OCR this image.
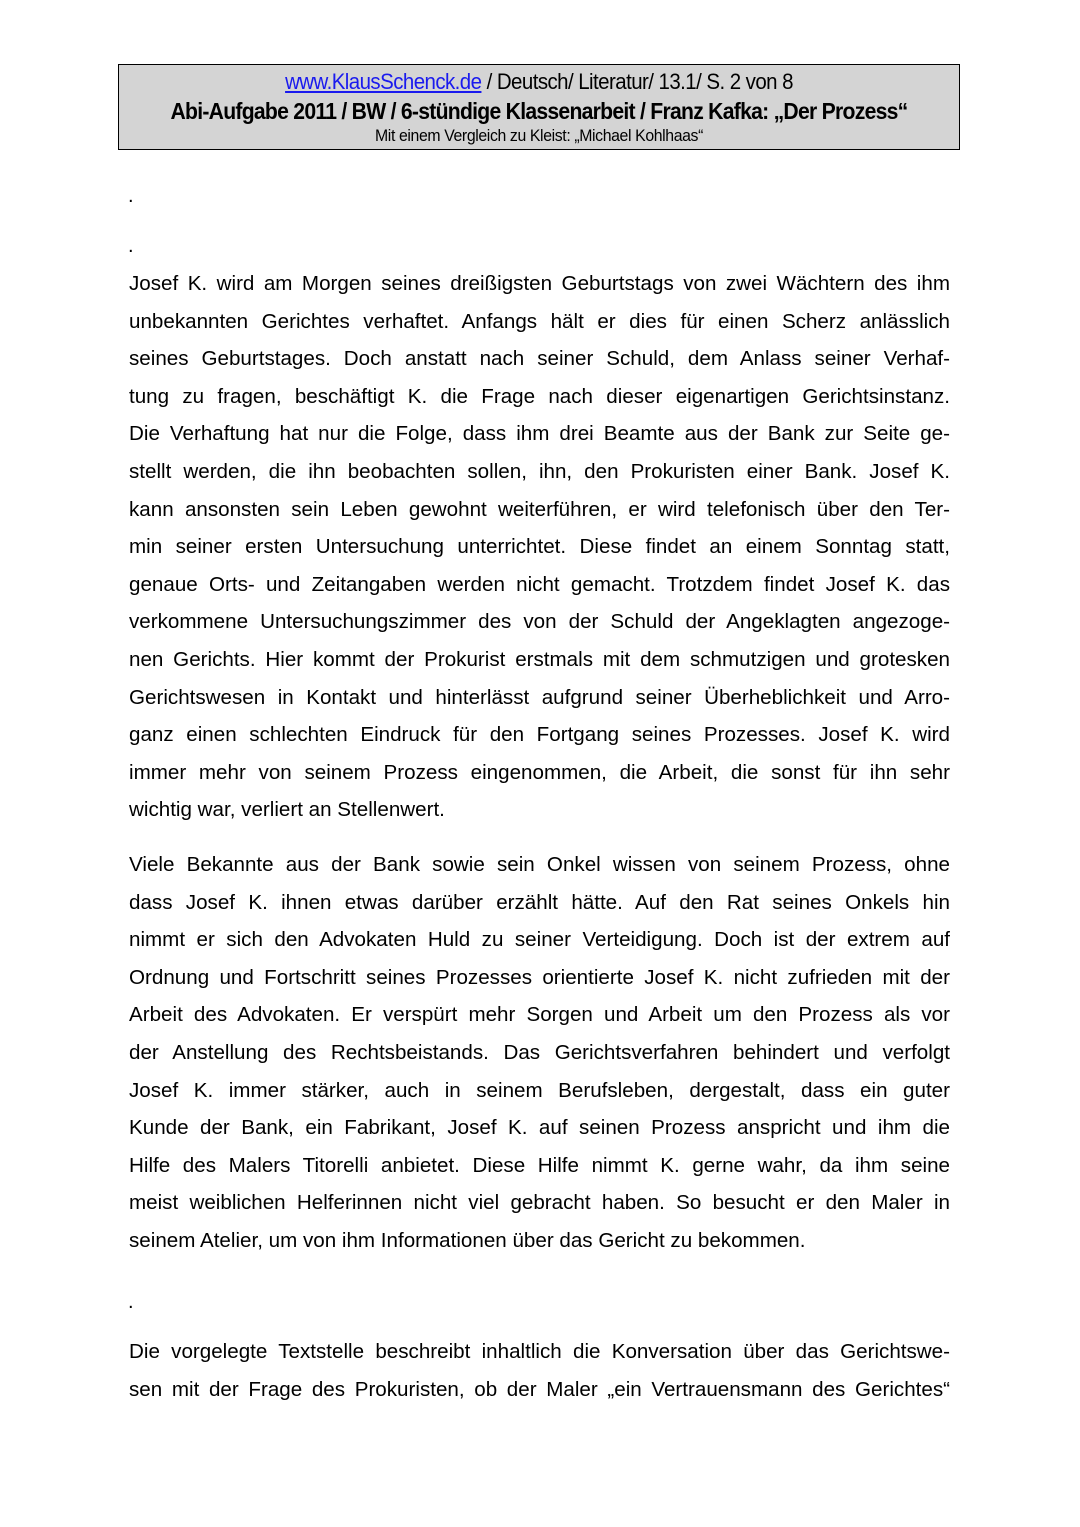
www.KlausSchenck.de / Deutsch/ Literatur/ 13.1/ S. 2 von 8
Abi-Aufgabe 2011 / BW / 6-stündige Klassenarbeit / Franz Kafka: „Der Prozess“
Mit einem Vergleich zu Kleist: „Michael Kohlhaas“
.
.
Josef K. wird am Morgen seines dreißigsten Geburtstags von zwei Wächtern des ihm
unbekannten Gerichtes verhaftet. Anfangs hält er dies für einen Scherz anlässlich
seines Geburtstages. Doch anstatt nach seiner Schuld, dem Anlass seiner Verhaf-
tung zu fragen, beschäftigt K. die Frage nach dieser eigenartigen Gerichtsinstanz.
Die Verhaftung hat nur die Folge, dass ihm drei Beamte aus der Bank zur Seite ge-
stellt werden, die ihn beobachten sollen, ihn, den Prokuristen einer Bank. Josef K.
kann ansonsten sein Leben gewohnt weiterführen, er wird telefonisch über den Ter-
min seiner ersten Untersuchung unterrichtet. Diese findet an einem Sonntag statt,
genaue Orts- und Zeitangaben werden nicht gemacht. Trotzdem findet Josef K. das
verkommene Untersuchungszimmer des von der Schuld der Angeklagten angezoge-
nen Gerichts. Hier kommt der Prokurist erstmals mit dem schmutzigen und grotesken
Gerichtswesen in Kontakt und hinterlässt aufgrund seiner Überheblichkeit und Arro-
ganz einen schlechten Eindruck für den Fortgang seines Prozesses. Josef K. wird
immer mehr von seinem Prozess eingenommen, die Arbeit, die sonst für ihn sehr
wichtig war, verliert an Stellenwert.
Viele Bekannte aus der Bank sowie sein Onkel wissen von seinem Prozess, ohne
dass Josef K. ihnen etwas darüber erzählt hätte. Auf den Rat seines Onkels hin
nimmt er sich den Advokaten Huld zu seiner Verteidigung. Doch ist der extrem auf
Ordnung und Fortschritt seines Prozesses orientierte Josef K. nicht zufrieden mit der
Arbeit des Advokaten. Er verspürt mehr Sorgen und Arbeit um den Prozess als vor
der Anstellung des Rechtsbeistands. Das Gerichtsverfahren behindert und verfolgt
Josef K. immer stärker, auch in seinem Berufsleben, dergestalt, dass ein guter
Kunde der Bank, ein Fabrikant, Josef K. auf seinen Prozess anspricht und ihm die
Hilfe des Malers Titorelli anbietet. Diese Hilfe nimmt K. gerne wahr, da ihm seine
meist weiblichen Helferinnen nicht viel gebracht haben. So besucht er den Maler in
seinem Atelier, um von ihm Informationen über das Gericht zu bekommen.
.
Die vorgelegte Textstelle beschreibt inhaltlich die Konversation über das Gerichtswe-
sen mit der Frage des Prokuristen, ob der Maler „ein Vertrauensmann des Gerichtes“
